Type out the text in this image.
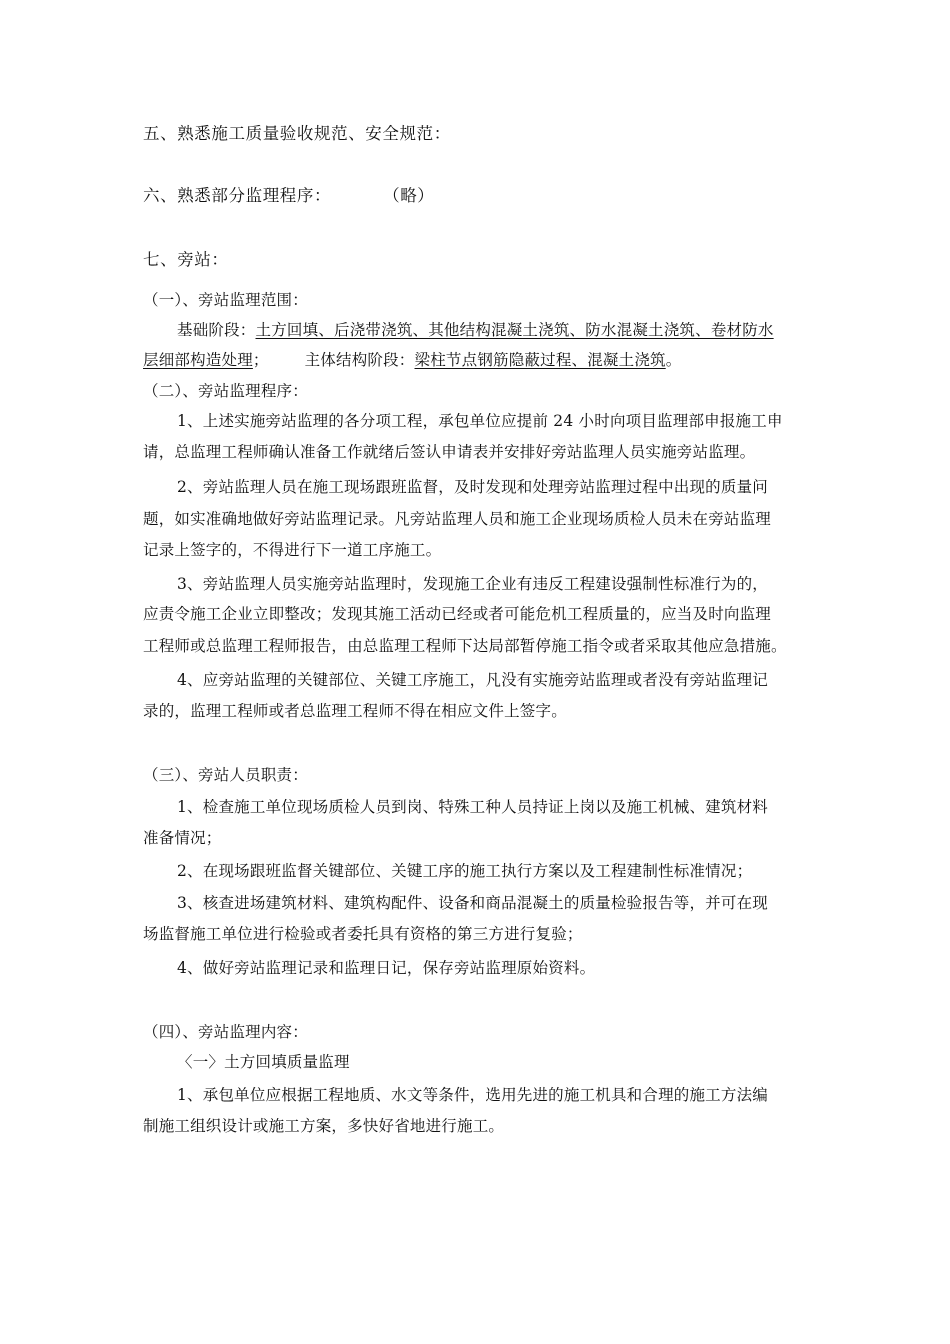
五、熟悉施工质量验收规范、安全规范：
六、熟悉部分监理程序：	（略）
七、旁站：
（一）、旁站监理范围：
基础阶段：土方回填、后浇带浇筑、其他结构混凝土浇筑、防水混凝土浇筑、卷材防水
层细部构造处理； 主体结构阶段：梁柱节点钢筋隐蔽过程、混凝土浇筑。
（二）、旁站监理程序：
1、上述实施旁站监理的各分项工程，承包单位应提前 24 小时向项目监理部申报施工申
请，总监理工程师确认准备工作就绪后签认申请表并安排好旁站监理人员实施旁站监理。
2、旁站监理人员在施工现场跟班监督，及时发现和处理旁站监理过程中出现的质量问
题，如实准确地做好旁站监理记录。凡旁站监理人员和施工企业现场质检人员未在旁站监理
记录上签字的，不得进行下一道工序施工。
3、旁站监理人员实施旁站监理时，发现施工企业有违反工程建设强制性标准行为的，
应责令施工企业立即整改；发现其施工活动已经或者可能危机工程质量的，应当及时向监理
工程师或总监理工程师报告，由总监理工程师下达局部暂停施工指令或者采取其他应急措施。
4、应旁站监理的关键部位、关键工序施工，凡没有实施旁站监理或者没有旁站监理记
录的，监理工程师或者总监理工程师不得在相应文件上签字。
（三）、旁站人员职责：
1、检查施工单位现场质检人员到岗、特殊工种人员持证上岗以及施工机械、建筑材料
准备情况；
2、在现场跟班监督关键部位、关键工序的施工执行方案以及工程建制性标准情况；
3、核查进场建筑材料、建筑构配件、设备和商品混凝土的质量检验报告等，并可在现
场监督施工单位进行检验或者委托具有资格的第三方进行复验；
4、做好旁站监理记录和监理日记，保存旁站监理原始资料。
（四）、旁站监理内容：
〈一〉土方回填质量监理
1、承包单位应根据工程地质、水文等条件，选用先进的施工机具和合理的施工方法编
制施工组织设计或施工方案，多快好省地进行施工。
